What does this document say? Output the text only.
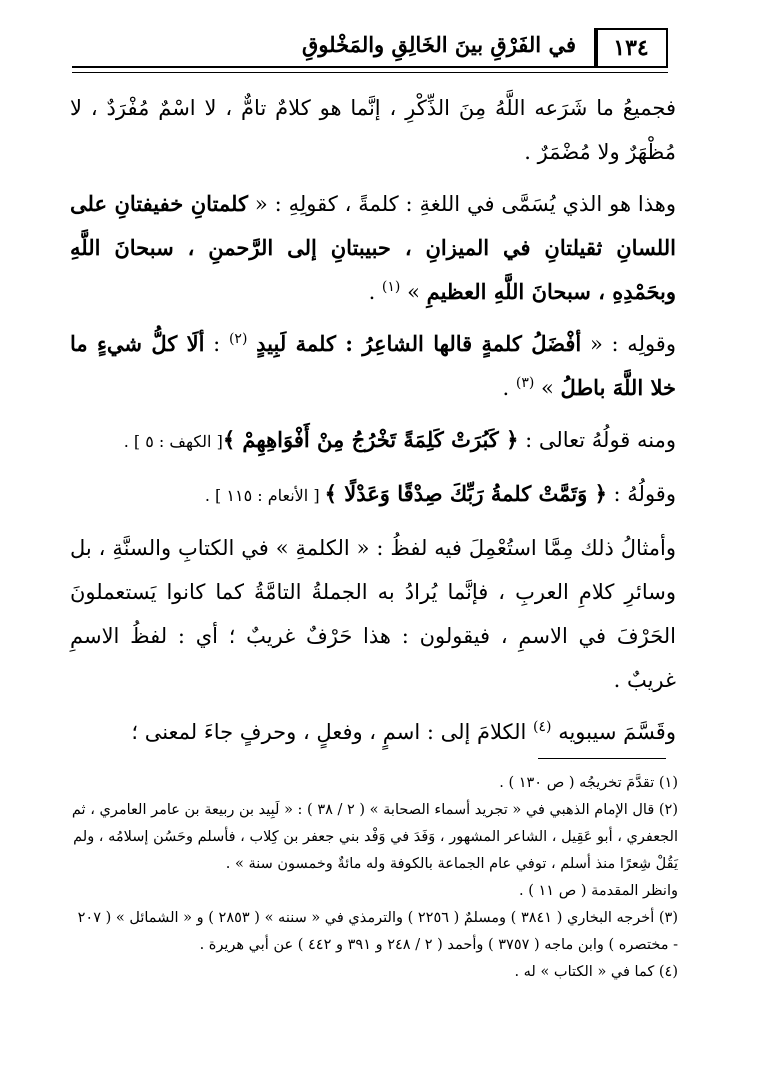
١٣٤
في الفَرْقِ بينَ الخَالِقِ والمَخْلوقِ

فجميعُ ما شَرَعه اللَّهُ مِنَ الذِّكْرِ ، إنَّما هو كلامٌ تامٌّ ، لا اسْمٌ مُفْرَدٌ ، لا مُظْهَرٌ ولا مُضْمَرٌ .

وهذا هو الذي يُسَمَّى في اللغةِ : كلمةً ، كقولِهِ : « كلمتانِ خفيفتانِ على اللسانِ ثقيلتانِ في الميزانِ ، حبيبتانِ إلى الرَّحمنِ ، سبحانَ اللَّهِ وبحَمْدِهِ ، سبحانَ اللَّهِ العظيمِ » $^{(١)}$ .

وقولِه : « أفْضَلُ كلمةٍ قالها الشاعِرُ : كلمة لَبِيدٍ $^{(٢)}$ : ألَا كلُّ شيءٍ ما خلا اللَّهَ باطلُ » $^{(٣)}$ .

ومنه قولُهُ تعالى : ﴿ كَبُرَتْ كَلِمَةً تَخْرُجُ مِنْ أَفْوَاهِهِمْ ﴾[ الكهف : ٥ ] .

وقولُهُ : ﴿ وَتَمَّتْ كلمةُ رَبِّكَ صِدْقًا وَعَدْلًا ﴾ [ الأنعام : ١١٥ ] .

وأمثالُ ذلك مِمَّا استُعْمِلَ فيه لفظُ : « الكلمةِ » في الكتابِ والسنَّةِ ، بل وسائرِ كلامِ العربِ ، فإنَّما يُرادُ به الجملةُ التامَّةُ كما كانوا يَستعملونَ الحَرْفَ في الاسمِ ، فيقولون : هذا حَرْفٌ غريبٌ ؛ أي : لفظُ الاسمِ غريبٌ .

وقَسَّمَ سيبويه $^{(٤)}$ الكلامَ إلى : اسمٍ ، وفعلٍ ، وحرفٍ جاءَ لمعنى ؛

(١) تقدَّمَ تخريجُه ( ص ١٣٠ ) .

(٢) قال الإمام الذهبي في « تجريد أسماء الصحابة » ( ٢ / ٣٨ ) : « لَبِيد بن ربيعة بن عامر العامري ، ثم الجعفري ، أبو عَقِيل ، الشاعر المشهور ، وَفَدَ في وَفْد بني جعفر بن كِلاب ، فأسلم وحَسُن إسلامُه ، ولم يَقُلْ شِعرًا منذ أسلم ، توفي عام الجماعة بالكوفة وله مائةٌ وخمسون سنة » .

وانظر المقدمة ( ص ١١ ) .

(٣) أخرجه البخاري ( ٣٨٤١ ) ومسلمٌ ( ٢٢٥٦ ) والترمذي في « سننه » ( ٢٨٥٣ ) و « الشمائل » ( ٢٠٧ - مختصره ) وابن ماجه ( ٣٧٥٧ ) وأحمد ( ٢ / ٢٤٨ و ٣٩١ و ٤٤٢ ) عن أبي هريرة .

(٤) كما في « الكتاب » له .
